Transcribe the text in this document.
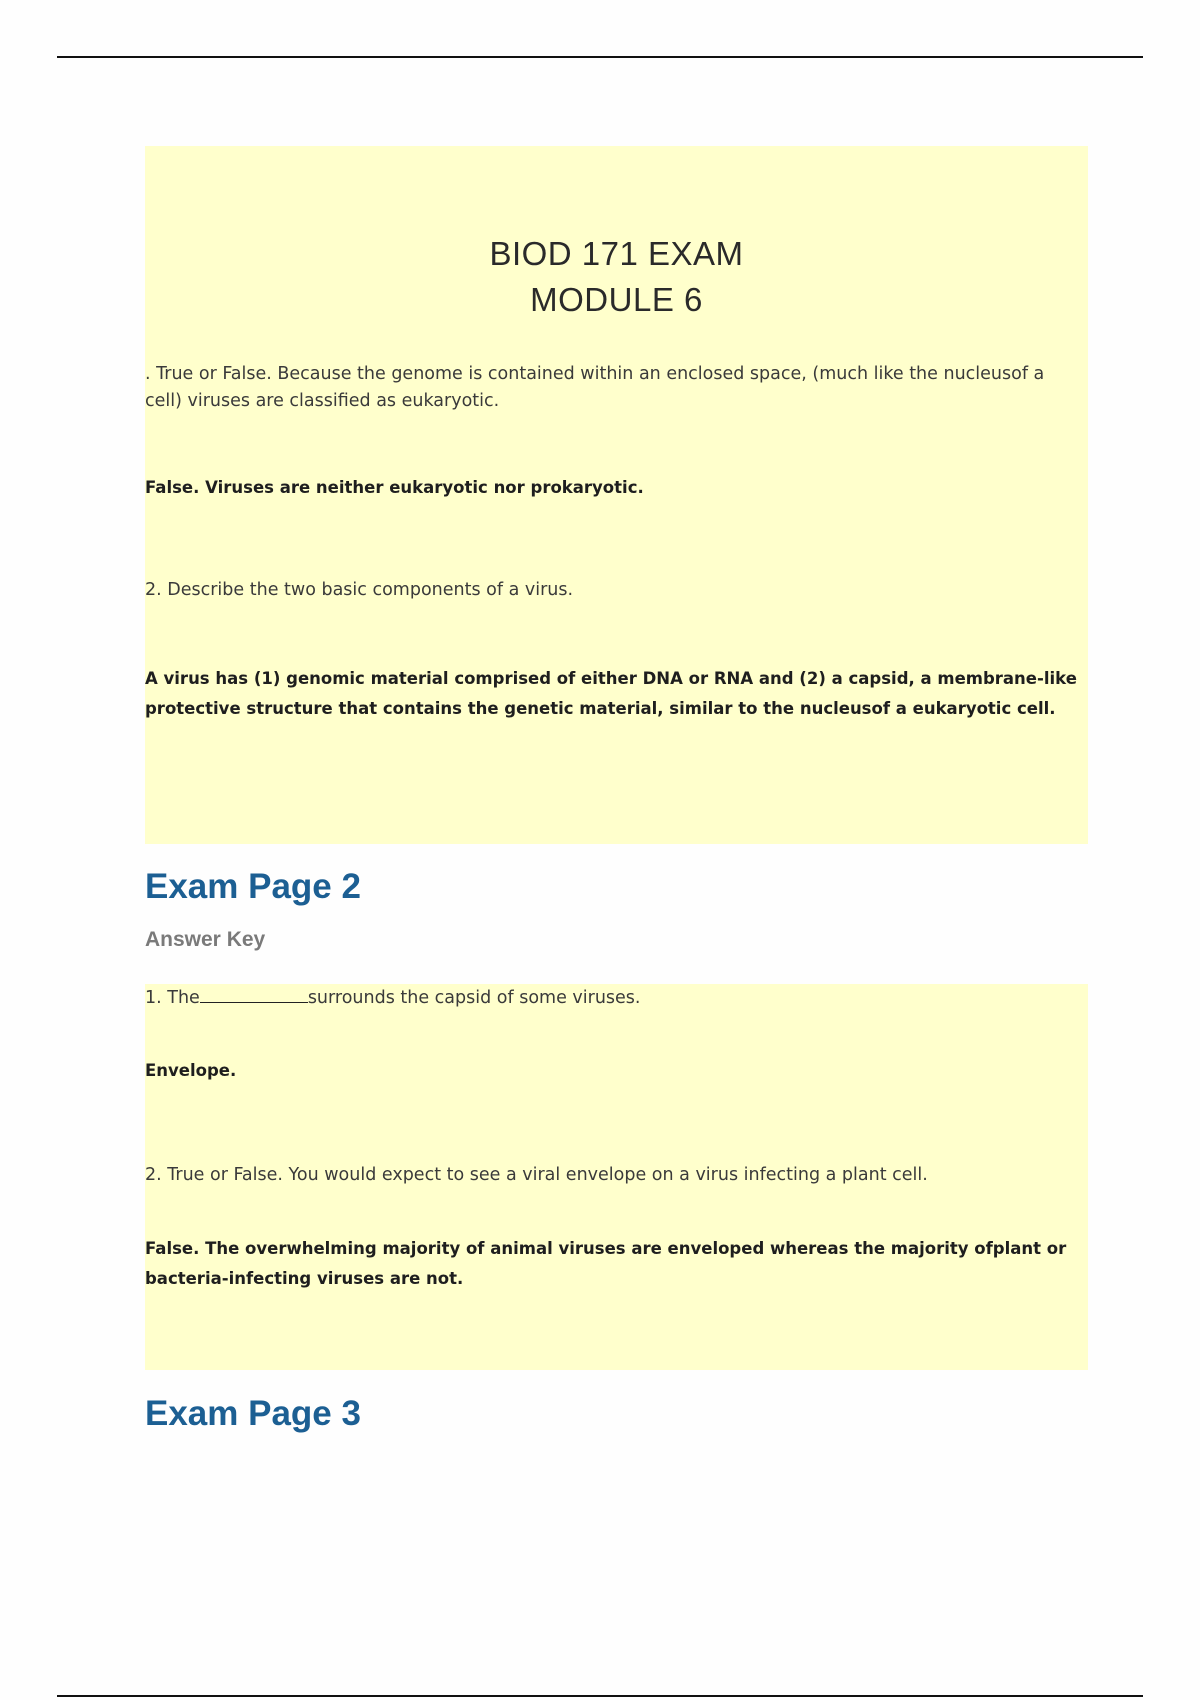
BIOD 171 EXAM
MODULE 6
. True or False. Because the genome is contained within an enclosed space, (much like the nucleusof a cell) viruses are classified as eukaryotic.
False. Viruses are neither eukaryotic nor prokaryotic.
2. Describe the two basic components of a virus.
A virus has (1) genomic material comprised of either DNA or RNA and (2) a capsid, a membrane-like protective structure that contains the genetic material, similar to the nucleusof a eukaryotic cell.
Exam Page 2
Answer Key
1. The	surrounds the capsid of some viruses.
Envelope.
2. True or False. You would expect to see a viral envelope on a virus infecting a plant cell.
False. The overwhelming majority of animal viruses are enveloped whereas the majority ofplant or bacteria-infecting viruses are not.
Exam Page 3
